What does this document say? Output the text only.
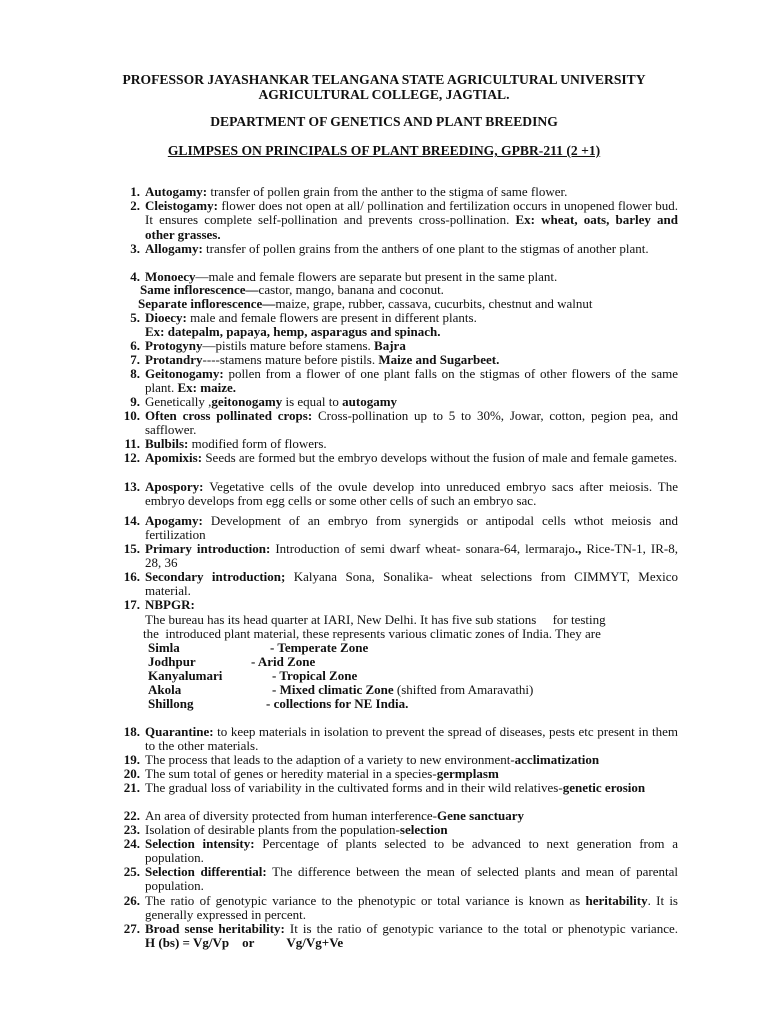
PROFESSOR JAYASHANKAR TELANGANA STATE AGRICULTURAL UNIVERSITY
AGRICULTURAL COLLEGE, JAGTIAL.
DEPARTMENT OF GENETICS AND PLANT BREEDING
GLIMPSES ON PRINCIPALS OF PLANT BREEDING, GPBR-211 (2 +1)
1. Autogamy: transfer of pollen grain from the anther to the stigma of same flower.
2. Cleistogamy: flower does not open at all/ pollination and fertilization occurs in unopened flower bud. It ensures complete self-pollination and prevents cross-pollination. Ex: wheat, oats, barley and other grasses.
3. Allogamy: transfer of pollen grains from the anthers of one plant to the stigmas of another plant.
4. Monoecy—male and female flowers are separate but present in the same plant.
Same inflorescence—castor, mango, banana and coconut.
Separate inflorescence—maize, grape, rubber, cassava, cucurbits, chestnut and walnut
5. Dioecy: male and female flowers are present in different plants.
Ex: datepalm, papaya, hemp, asparagus and spinach.
6. Protogyny—pistils mature before stamens. Bajra
7. Protandry----stamens mature before pistils. Maize and Sugarbeet.
8. Geitonogamy: pollen from a flower of one plant falls on the stigmas of other flowers of the same plant. Ex: maize.
9. Genetically ,geitonogamy is equal to autogamy
10. Often cross pollinated crops: Cross-pollination up to 5 to 30%, Jowar, cotton, pegion pea, and safflower.
11. Bulbils: modified form of flowers.
12. Apomixis: Seeds are formed but the embryo develops without the fusion of male and female gametes.
13. Apospory: Vegetative cells of the ovule develop into unreduced embryo sacs after meiosis. The embryo develops from egg cells or some other cells of such an embryo sac.
14. Apogamy: Development of an embryo from synergids or antipodal cells wthot meiosis and fertilization
15. Primary introduction: Introduction of semi dwarf wheat- sonara-64, lermarajo., Rice-TN-1, IR-8, 28, 36
16. Secondary introduction; Kalyana Sona, Sonalika- wheat selections from CIMMYT, Mexico material.
17. NBPGR:
The bureau has its head quarter at IARI, New Delhi. It has five sub stations     for testing
the  introduced plant material, these represents various climatic zones of India. They are
Simla	- Temperate Zone
Jodhpur	- Arid Zone
Kanyalumari	- Tropical Zone
Akola	- Mixed climatic Zone (shifted from Amaravathi)
Shillong	- collections for NE India.
18. Quarantine: to keep materials in isolation to prevent the spread of diseases, pests etc present in them to the other materials.
19. The process that leads to the adaption of a variety to new environment-acclimatization
20. The sum total of genes or heredity material in a species-germplasm
21. The gradual loss of variability in the cultivated forms and in their wild relatives-genetic erosion
22. An area of diversity protected from human interference-Gene sanctuary
23. Isolation of desirable plants from the population-selection
24. Selection intensity: Percentage of plants selected to be advanced to next generation from a population.
25. Selection differential: The difference between the mean of selected plants and mean of parental population.
26. The ratio of genotypic variance to the phenotypic or total variance is known as heritability. It is generally expressed in percent.
27. Broad sense heritability: It is the ratio of genotypic variance to the total or phenotypic variance. H (bs) = Vg/Vp    or          Vg/Vg+Ve
